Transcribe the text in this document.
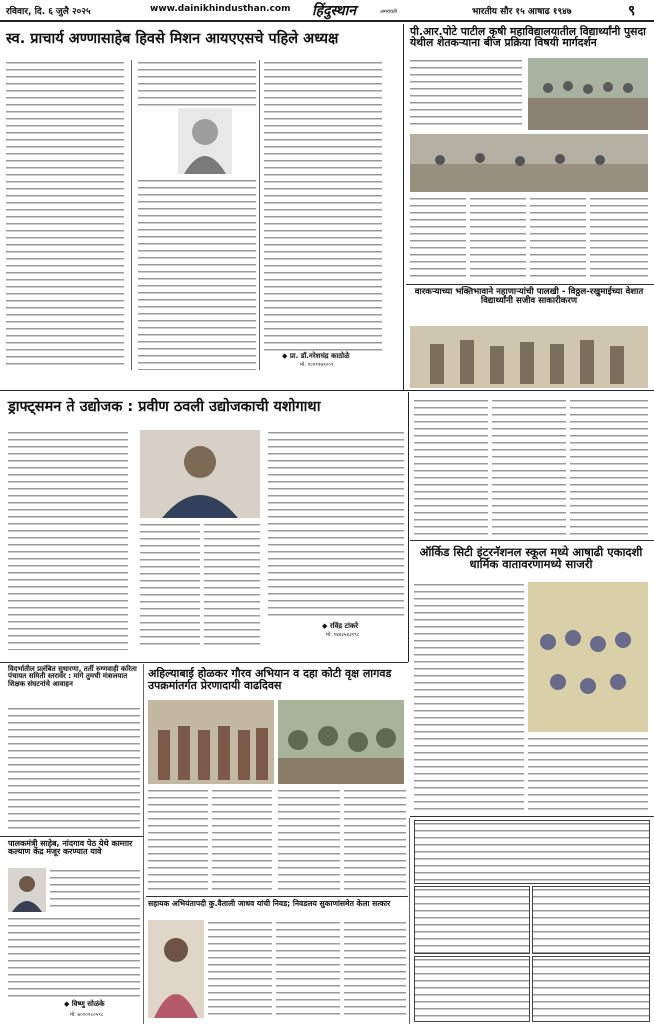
रविवार, दि. ६ जुलै २०२५	www.dainikhindusthan.com हिंदुस्थान	अमरावती	भारतीय सौर १५ आषाढ १९४७	९
स्व. प्राचार्य अण्णासाहेब हिवसे मिशन आयएएसचे पहिले अध्यक्ष
◆ प्रा. डॉ.नरेशचंद्र काठोळे
मो. ९०१९९७९००९
पी.आर.पोटे पाटील कृषी महाविद्यालयातील विद्यार्थ्यांनी पुसदा येथील शेतकऱ्याना बीज प्रक्रिया विषयी मार्गदर्शन
वारकऱ्याच्या भक्तिभावाने नहाणाऱ्यांची पालखी - विठ्ठल-रखुमाईच्या वेशात विद्यार्थ्यांनी सजीव साकारीकरण
ड्राफ्ट्समन ते उद्योजक : प्रवीण ठवली उद्योजकाची यशोगाथा
◆ रविंद्र टांकरे
मो. ९४४३५४३१९८
ऑर्किड सिटी इंटरनॅशनल स्कूल मध्ये आषाढी एकादशी धार्मिक वातावरणामध्ये साजरी
विदर्भातील प्रलंबित सुधारणा, तर्ती रुग्णवाही करिता पंचायत समिती स्तरावर : मांगे तुमची मंत्रालयात शिक्षक संघटनांचे आवाहन
अहिल्याबाई होळकर गौरव अभियान व दहा कोटी वृक्ष लागवड उपक्रमांतर्गत प्रेरणादायी वाढदिवस
पालकमंत्री साहेब, नांदगाव पेठ येथे काम्ग़ार कल्याण केंद्र मंजूर करण्यात यावे
◆ विष्णु सोळंके
मो. ७०१०२८०५९८
सहायक अभियंतापदी कु.वैताली जाधव यांची निवड; निवडलय सुकाणांसमेत केला सत्कार
